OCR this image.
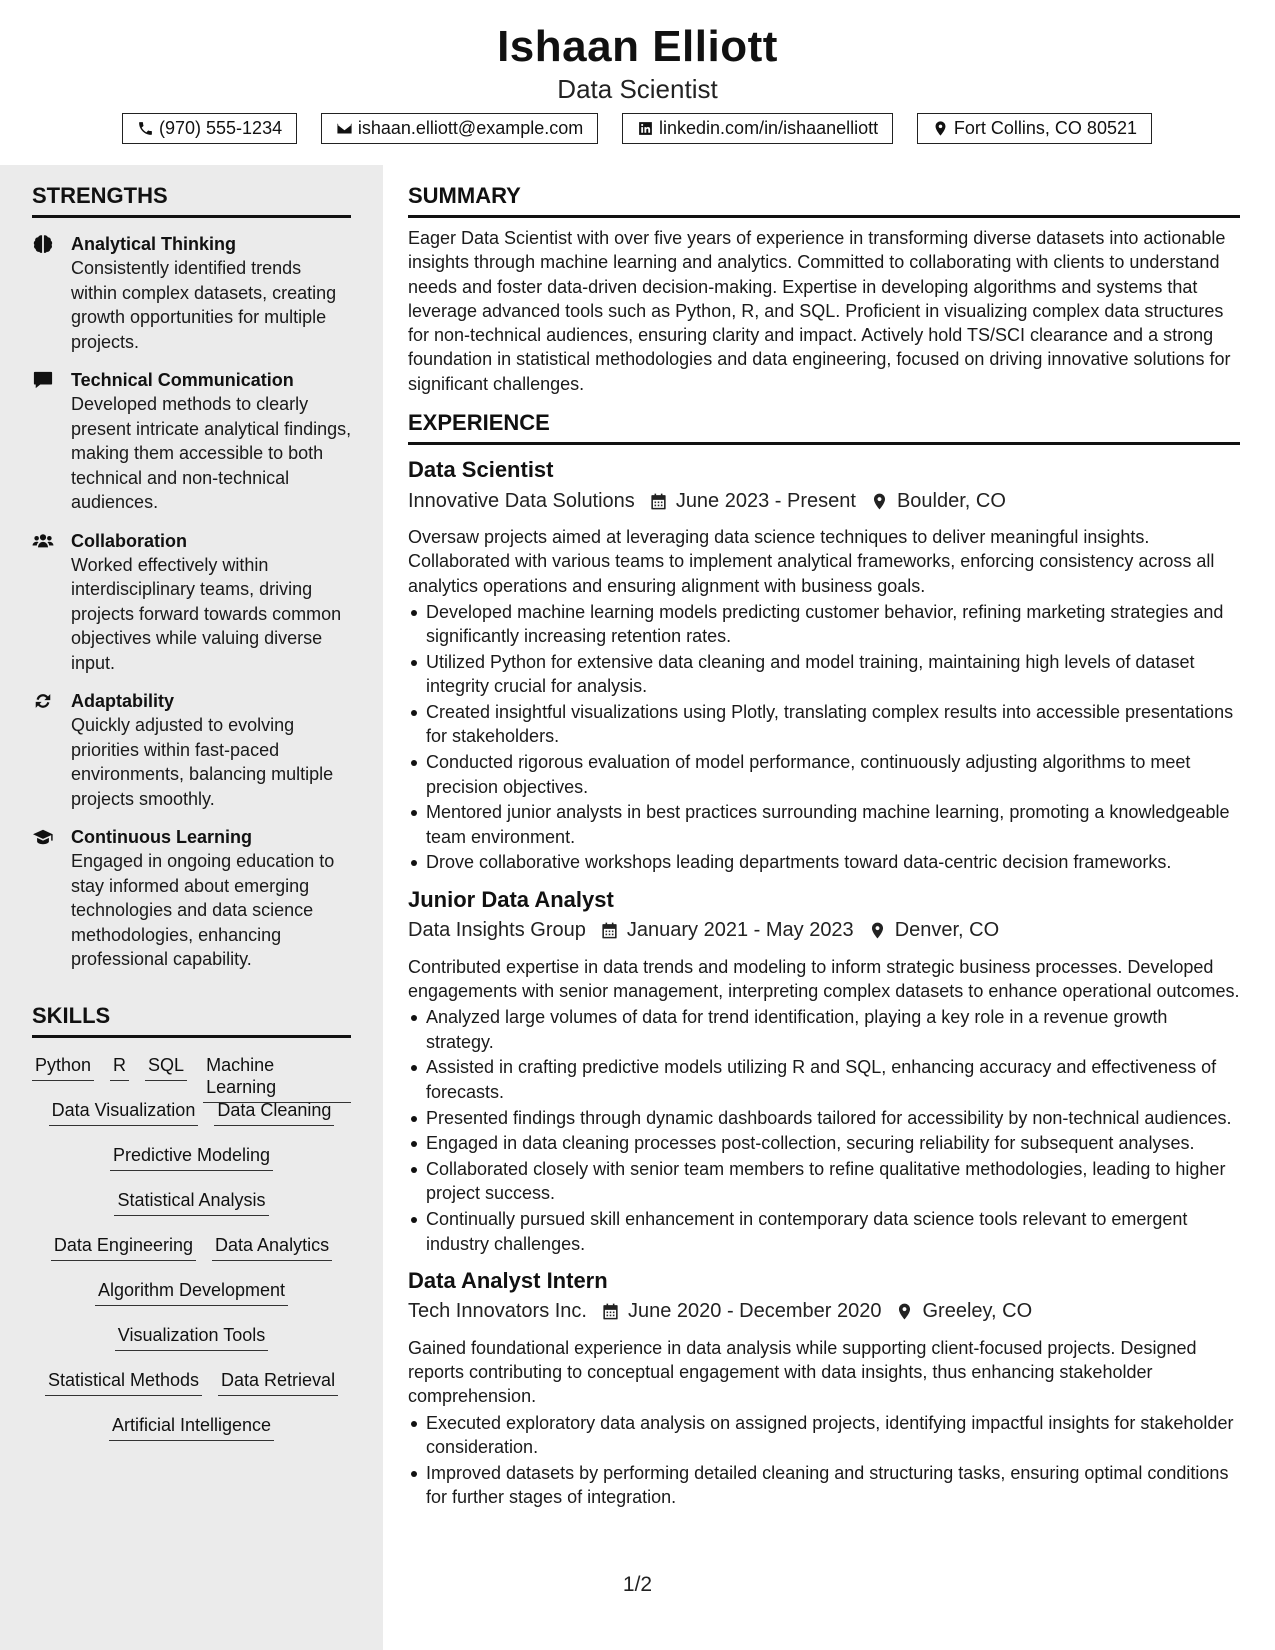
Ishaan Elliott
Data Scientist
(970) 555-1234	ishaan.elliott@example.com	linkedin.com/in/ishaanelliott	Fort Collins, CO 80521
STRENGTHS
Analytical Thinking
Consistently identified trends within complex datasets, creating growth opportunities for multiple projects.
Technical Communication
Developed methods to clearly present intricate analytical findings, making them accessible to both technical and non-technical audiences.
Collaboration
Worked effectively within interdisciplinary teams, driving projects forward towards common objectives while valuing diverse input.
Adaptability
Quickly adjusted to evolving priorities within fast-paced environments, balancing multiple projects smoothly.
Continuous Learning
Engaged in ongoing education to stay informed about emerging technologies and data science methodologies, enhancing professional capability.
SKILLS
Python R SQL Machine Learning
Data Visualization Data Cleaning
Predictive Modeling
Statistical Analysis
Data Engineering Data Analytics
Algorithm Development
Visualization Tools
Statistical Methods Data Retrieval
Artificial Intelligence
SUMMARY
Eager Data Scientist with over five years of experience in transforming diverse datasets into actionable insights through machine learning and analytics. Committed to collaborating with clients to understand needs and foster data-driven decision-making. Expertise in developing algorithms and systems that leverage advanced tools such as Python, R, and SQL. Proficient in visualizing complex data structures for non-technical audiences, ensuring clarity and impact. Actively hold TS/SCI clearance and a strong foundation in statistical methodologies and data engineering, focused on driving innovative solutions for significant challenges.
EXPERIENCE
Data Scientist
Innovative Data Solutions June 2023 - Present Boulder, CO
Oversaw projects aimed at leveraging data science techniques to deliver meaningful insights. Collaborated with various teams to implement analytical frameworks, enforcing consistency across all analytics operations and ensuring alignment with business goals.
Developed machine learning models predicting customer behavior, refining marketing strategies and significantly increasing retention rates.
Utilized Python for extensive data cleaning and model training, maintaining high levels of dataset integrity crucial for analysis.
Created insightful visualizations using Plotly, translating complex results into accessible presentations for stakeholders.
Conducted rigorous evaluation of model performance, continuously adjusting algorithms to meet precision objectives.
Mentored junior analysts in best practices surrounding machine learning, promoting a knowledgeable team environment.
Drove collaborative workshops leading departments toward data-centric decision frameworks.
Junior Data Analyst
Data Insights Group January 2021 - May 2023 Denver, CO
Contributed expertise in data trends and modeling to inform strategic business processes. Developed engagements with senior management, interpreting complex datasets to enhance operational outcomes.
Analyzed large volumes of data for trend identification, playing a key role in a revenue growth strategy.
Assisted in crafting predictive models utilizing R and SQL, enhancing accuracy and effectiveness of forecasts.
Presented findings through dynamic dashboards tailored for accessibility by non-technical audiences.
Engaged in data cleaning processes post-collection, securing reliability for subsequent analyses.
Collaborated closely with senior team members to refine qualitative methodologies, leading to higher project success.
Continually pursued skill enhancement in contemporary data science tools relevant to emergent industry challenges.
Data Analyst Intern
Tech Innovators Inc. June 2020 - December 2020 Greeley, CO
Gained foundational experience in data analysis while supporting client-focused projects. Designed reports contributing to conceptual engagement with data insights, thus enhancing stakeholder comprehension.
Executed exploratory data analysis on assigned projects, identifying impactful insights for stakeholder consideration.
Improved datasets by performing detailed cleaning and structuring tasks, ensuring optimal conditions for further stages of integration.
1/2
